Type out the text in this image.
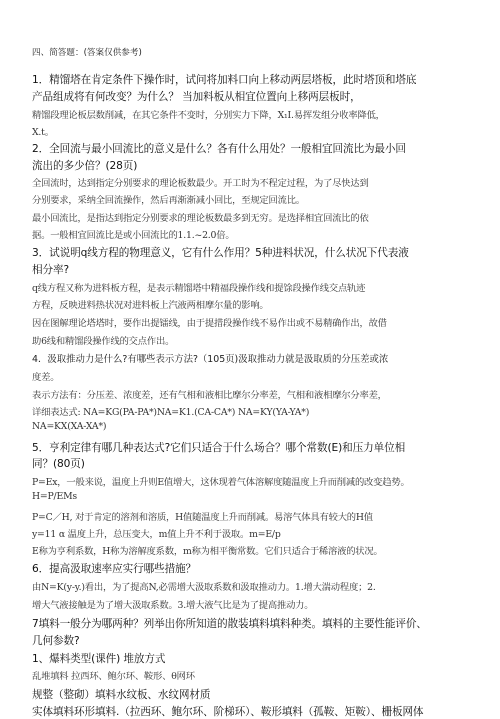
四、简答题：(答案仅供参考)
1．精馏塔在肯定条件下操作时，试问将加料口向上移动两层塔板，此时塔顶和塔底
产品组成将有何改变？为什么？ 当加料板从相宜位置向上移两层板时，
精馏段理论板层数削减，在其它条件不变时，分别实力下降，X₁I.易挥发组分收率降低，
X.t。
2．全回流与最小回流比的意义是什么？各有什么用处？一般相宜回流比为最小回
流出的多少倍？(28页)
全回流时，达到指定分别要求的理论板数最少。开工时为不程定过程，为了尽快达到
分别要求，采纳全回流操作，然后再渐渐减小回比，至规定回流比。
最小回流比，是指达到指定分别要求的理论板数最多到无穷。是选择相宜回流比的依
据。一般相宜回流比是或小回流比的1.1.~2.0倍。
3．试说明q线方程的物理意义，它有什么作用？5种进料状况，什么状况下代表液
相分率?
q线方程又称为进料板方程，是表示精馏塔中精福段操作线和提馀段操作线交点轨迹
方程，反映进料热状况对进料板上汽液两相摩尔量的影响。
因在图解理论塔塔时，要作出提镭线，由于提措段操作线不易作出或不易精确作出，故借
助6线和精馏段操作线的交点作出。
4．汲取推动力是什么?有哪些表示方法?（105页)汲取推动力就是汲取质的分压差或浓
度差。
表示方法有：分压差、浓度差，还有气相和液相比摩尔分率差，气相和液相摩尔分率差，
详细表达式: NA=KG(PA-PA*)NA=K1.(CA-CA*) NA=KY(YA-YA*)
NA=KX(XA-XA*)
5．亨利定律有哪几种表达式?它们只适合于什么场合？哪个常数(E)和压力单位相
同？(80页)
P=Ex，一般来说，温度上升则E值增大，这休现着气体溶解度随温度上升而削减的改变趋势。
H=P/EMs
P=C／H, 对于肯定的溶剂和溶质，H值随温度上升而削减。易溶气体具有较大的H值
y=11 α 温度上升，总压变大，m值上升不利于汲取。m=E/p
E称为亨利系数，H称为溶解度系数，m称为相平衡常数。它们只适合于稀溶液的状况。
6．提高汲取速率应实行哪些措施？
由N=K(y-y.)看出，为了提高N,必需增大汲取系数和汲取推动力。1.增大湍动程度；2.
增大气液接触是为了增大汲取系数。3.增大液气比是为了提高推动力。
7填料一般分为哪两种？列举出你所知道的散装填料填料种类。填料的主要性能评价、
几何参数?
1、爆料类型(课件) 堆放方式
乱堆填料 拉西环、鲍尔环、鞍形、θ网环
规整（整砌）填料水纹板、水纹网材质
实体填料环形填料.（拉西环、鲍尔环、阶梯环）、鞍形填料（孤鞍、矩鞍）、栅板网体
